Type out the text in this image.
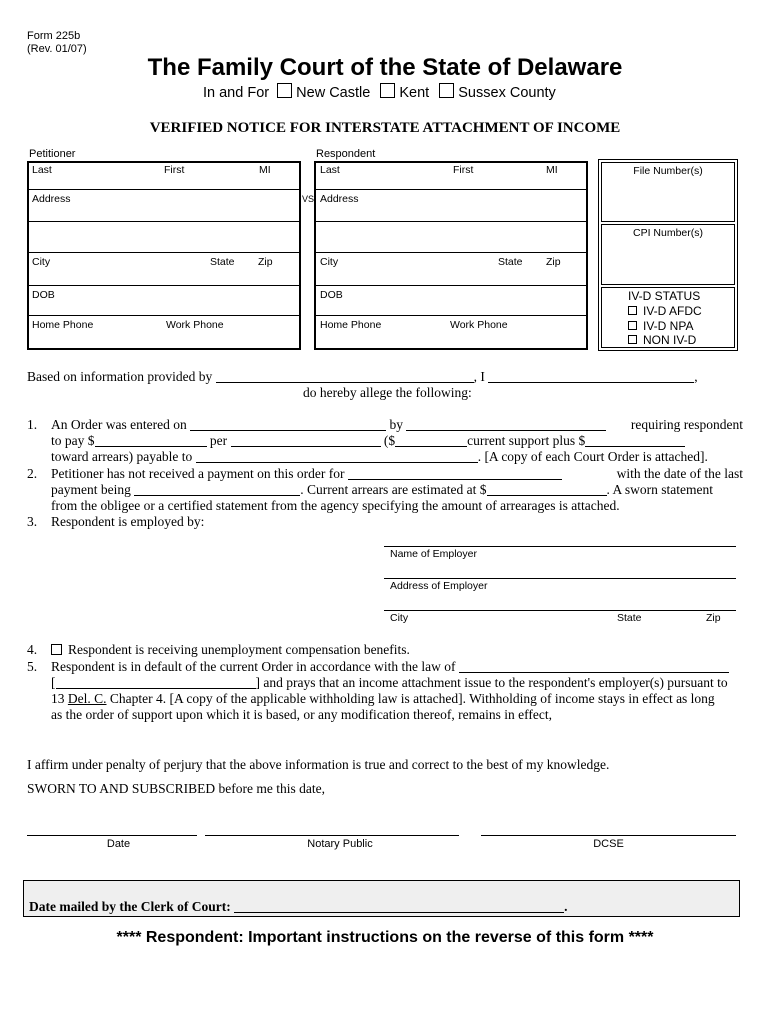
Form 225b
(Rev. 01/07)
The Family Court of the State of Delaware
In and For New Castle Kent Sussex County
VERIFIED NOTICE FOR INTERSTATE ATTACHMENT OF INCOME
Petitioner
Last	First	MI
Address
City	State Zip
DOB
Home Phone	Work Phone
VS
Respondent
Last	First	MI
Address
City	State Zip
DOB
Home Phone	Work Phone
File Number(s)
CPI Number(s)
IV-D STATUS
IV-D AFDC
IV-D NPA
NON IV-D
Based on information provided by	, I	,
do hereby allege the following:
1. An Order was entered on	by	requiring respondent
to pay $	per	($	current support plus $
toward arrears) payable to	. [A copy of each Court Order is attached].
2. Petitioner has not received a payment on this order for	with the date of the last
payment being	. Current arrears are estimated at $	. A sworn statement
from the obligee or a certified statement from the agency specifying the amount of arrearages is attached.
3. Respondent is employed by:
Name of Employer
Address of Employer
City	State	Zip
4.	Respondent is receiving unemployment compensation benefits.
5. Respondent is in default of the current Order in accordance with the law of
[	] and prays that an income attachment issue to the respondent's employer(s) pursuant to
13 Del. C. Chapter 4. [A copy of the applicable withholding law is attached]. Withholding of income stays in effect as long
as the order of support upon which it is based, or any modification thereof, remains in effect,
I affirm under penalty of perjury that the above information is true and correct to the best of my knowledge.
SWORN TO AND SUBSCRIBED before me this date,
Date	Notary Public	DCSE
Date mailed by the Clerk of Court:	.
**** Respondent: Important instructions on the reverse of this form ****
